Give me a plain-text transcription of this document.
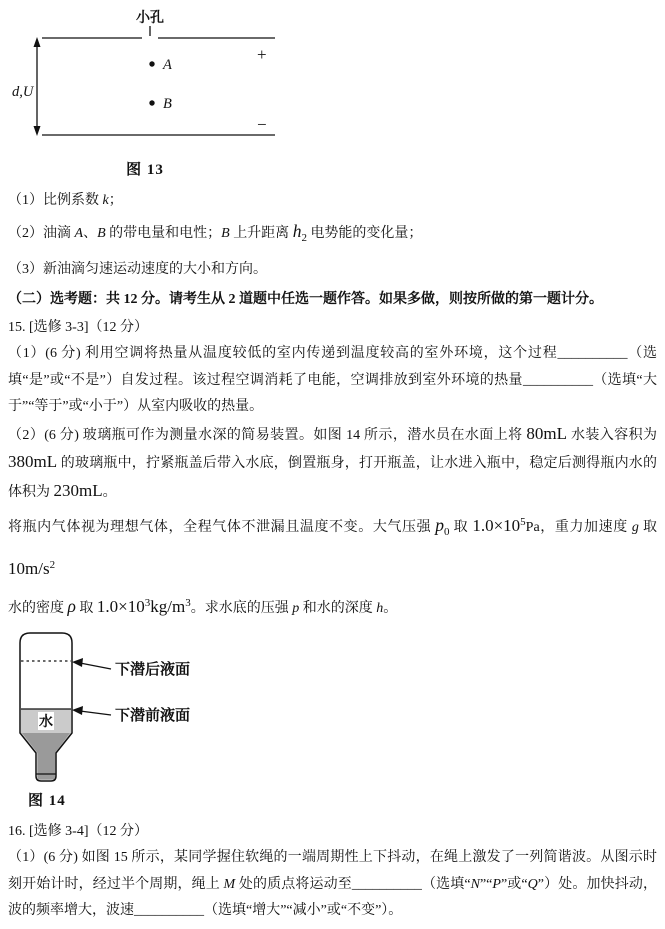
小孔
+
A
B
−
d,U
图 13
（1）比例系数 k；
（2）油滴 A、B 的带电量和电性；B 上升距离 $h_2$ 电势能的变化量；
（3）新油滴匀速运动速度的大小和方向。
（二）选考题：共 12 分。请考生从 2 道题中任选一题作答。如果多做，则按所做的第一题计分。
15. [选修 3-3]（12 分）

（1）(6 分) 利用空调将热量从温度较低的室内传递到温度较高的室外环境，这个过程__________（选填“是”或“不是”）自发过程。该过程空调消耗了电能，空调排放到室外环境的热量__________（选填“大于”“等于”或“小于”）从室内吸收的热量。

（2）(6 分) 玻璃瓶可作为测量水深的简易装置。如图 14 所示，潜水员在水面上将 80mL 水装入容积为 380mL 的玻璃瓶中，拧紧瓶盖后带入水底，倒置瓶身，打开瓶盖，让水进入瓶中，稳定后测得瓶内水的体积为 230mL。

将瓶内气体视为理想气体，全程气体不泄漏且温度不变。大气压强 $p_0$ 取 $1.0\times 10^5Pa$，重力加速度 g 取 $10m/s^2$

水的密度 ρ 取 $1.0\times 10^3kg/m^3$。求水底的压强 p 和水的深度 h。

水
下潜后液面
下潜前液面
图 14
16. [选修 3-4]（12 分）

（1）(6 分) 如图 15 所示，某同学握住软绳的一端周期性上下抖动，在绳上激发了一列简谐波。从图示时刻开始计时，经过半个周期，绳上 M 处的质点将运动至__________（选填“N”“P”或“Q”）处。加快抖动，波的频率增大，波速__________（选填“增大”“减小”或“不变”）。
